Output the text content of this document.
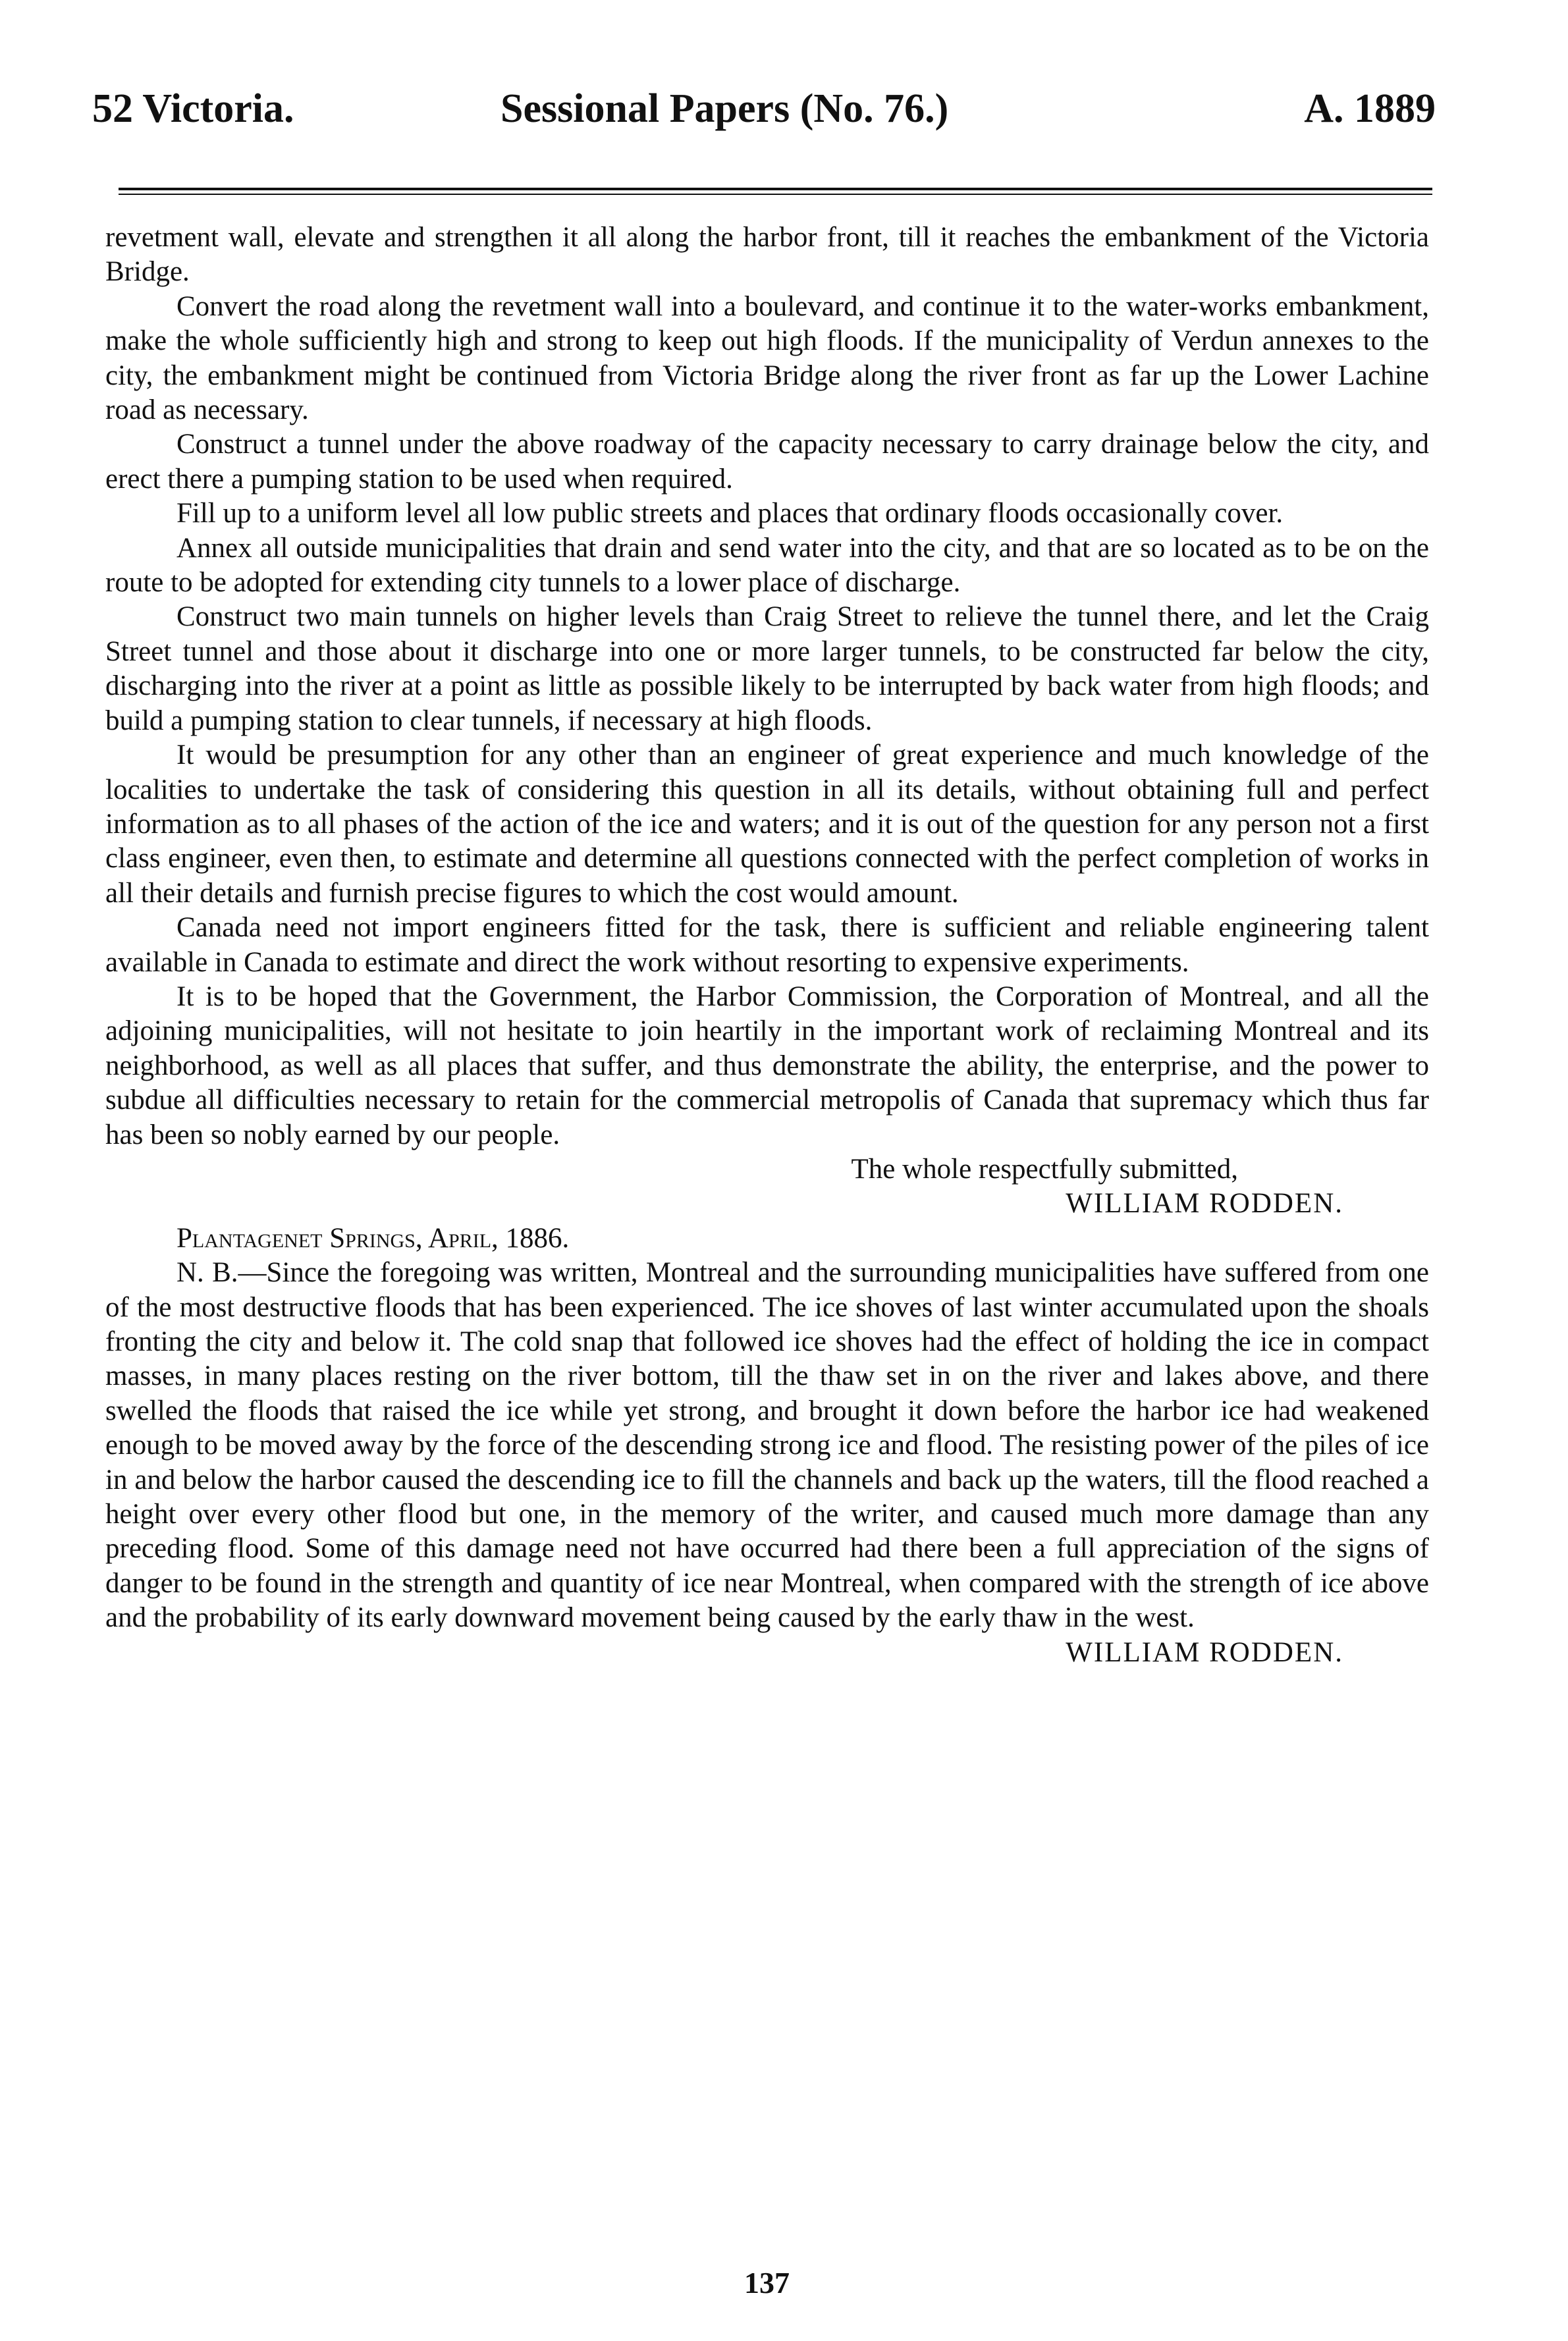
52 Victoria.	Sessional Papers (No. 76.)	A. 1889

revetment wall, elevate and strengthen it all along the harbor front, till it reaches the embankment of the Victoria Bridge.

Convert the road along the revetment wall into a boulevard, and continue it to the water-works embankment, make the whole sufficiently high and strong to keep out high floods. If the municipality of Verdun annexes to the city, the embankment might be continued from Victoria Bridge along the river front as far up the Lower Lachine road as necessary.

Construct a tunnel under the above roadway of the capacity necessary to carry drainage below the city, and erect there a pumping station to be used when required.

Fill up to a uniform level all low public streets and places that ordinary floods occasionally cover.

Annex all outside municipalities that drain and send water into the city, and that are so located as to be on the route to be adopted for extending city tunnels to a lower place of discharge.

Construct two main tunnels on higher levels than Craig Street to relieve the tunnel there, and let the Craig Street tunnel and those about it discharge into one or more larger tunnels, to be constructed far below the city, discharging into the river at a point as little as possible likely to be interrupted by back water from high floods; and build a pumping station to clear tunnels, if necessary at high floods.

It would be presumption for any other than an engineer of great experience and much knowledge of the localities to undertake the task of considering this question in all its details, without obtaining full and perfect information as to all phases of the action of the ice and waters; and it is out of the question for any person not a first class engineer, even then, to estimate and determine all questions connected with the perfect completion of works in all their details and furnish precise figures to which the cost would amount.

Canada need not import engineers fitted for the task, there is sufficient and reliable engineering talent available in Canada to estimate and direct the work without resorting to expensive experiments.

It is to be hoped that the Government, the Harbor Commission, the Corporation of Montreal, and all the adjoining municipalities, will not hesitate to join heartily in the important work of reclaiming Montreal and its neighborhood, as well as all places that suffer, and thus demonstrate the ability, the enterprise, and the power to subdue all difficulties necessary to retain for the commercial metropolis of Canada that supremacy which thus far has been so nobly earned by our people.

The whole respectfully submitted,

WILLIAM RODDEN.

Plantagenet Springs, April, 1886.

N. B.—Since the foregoing was written, Montreal and the surrounding municipalities have suffered from one of the most destructive floods that has been experienced. The ice shoves of last winter accumulated upon the shoals fronting the city and below it. The cold snap that followed ice shoves had the effect of holding the ice in compact masses, in many places resting on the river bottom, till the thaw set in on the river and lakes above, and there swelled the floods that raised the ice while yet strong, and brought it down before the harbor ice had weakened enough to be moved away by the force of the descending strong ice and flood. The resisting power of the piles of ice in and below the harbor caused the descending ice to fill the channels and back up the waters, till the flood reached a height over every other flood but one, in the memory of the writer, and caused much more damage than any preceding flood. Some of this damage need not have occurred had there been a full appreciation of the signs of danger to be found in the strength and quantity of ice near Montreal, when compared with the strength of ice above and the probability of its early downward movement being caused by the early thaw in the west.

WILLIAM RODDEN.

137
